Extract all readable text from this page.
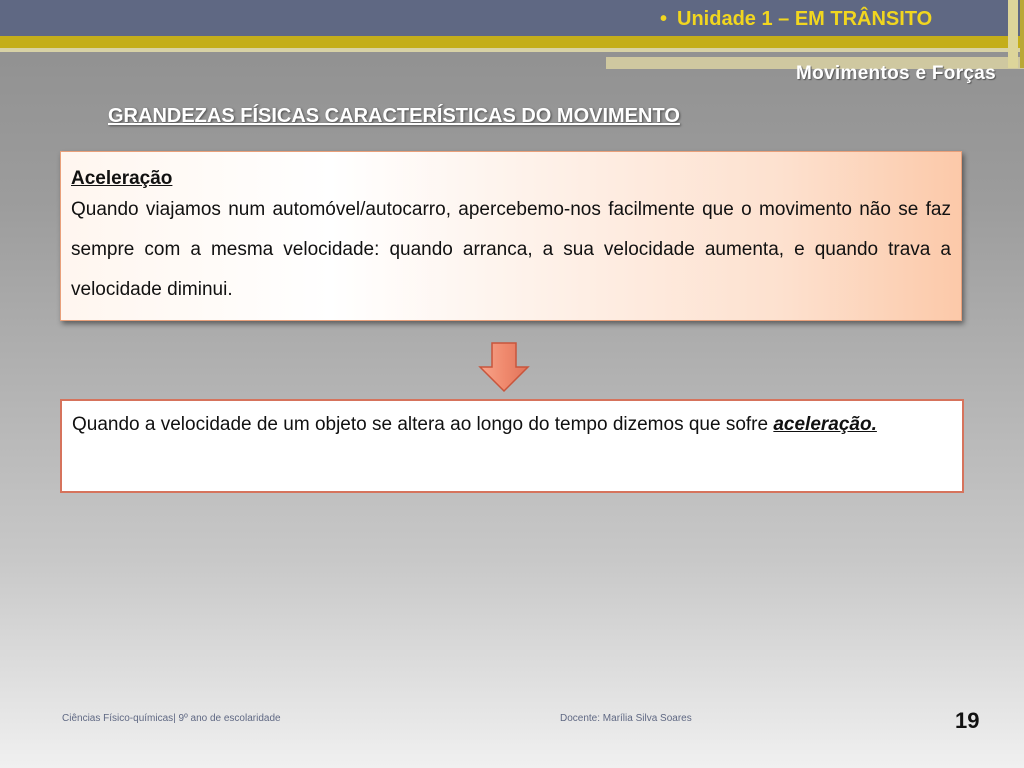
• Unidade 1 – EM TRÂNSITO
Movimentos e Forças
GRANDEZAS FÍSICAS CARACTERÍSTICAS DO MOVIMENTO
Aceleração
Quando viajamos num automóvel/autocarro, apercebemo-nos facilmente que o movimento não se faz sempre com a mesma velocidade: quando arranca, a sua velocidade aumenta, e quando trava a velocidade diminui.
Quando a velocidade de um objeto se altera ao longo do tempo dizemos que sofre aceleração.
Ciências Físico-químicas| 9º ano de escolaridade	Docente: Marília Silva Soares	19
